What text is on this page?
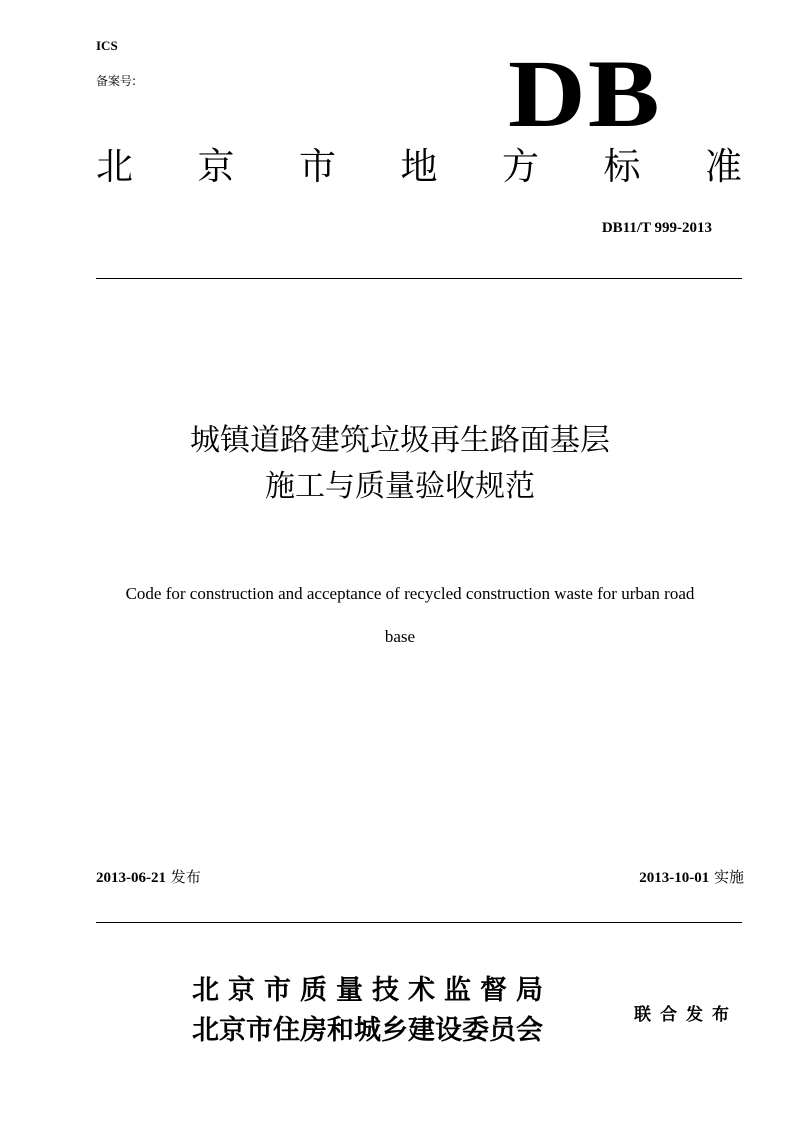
ICS
备案号:	DB
北 京 市 地 方 标 准
DB11/T 999-2013
城镇道路建筑垃圾再生路面基层
施工与质量验收规范
Code for construction and acceptance of recycled construction waste for urban road
base
2013-06-21 发布	2013-10-01 实施
北京市质量技术监督局
北京市住房和城乡建设委员会	联合发布
